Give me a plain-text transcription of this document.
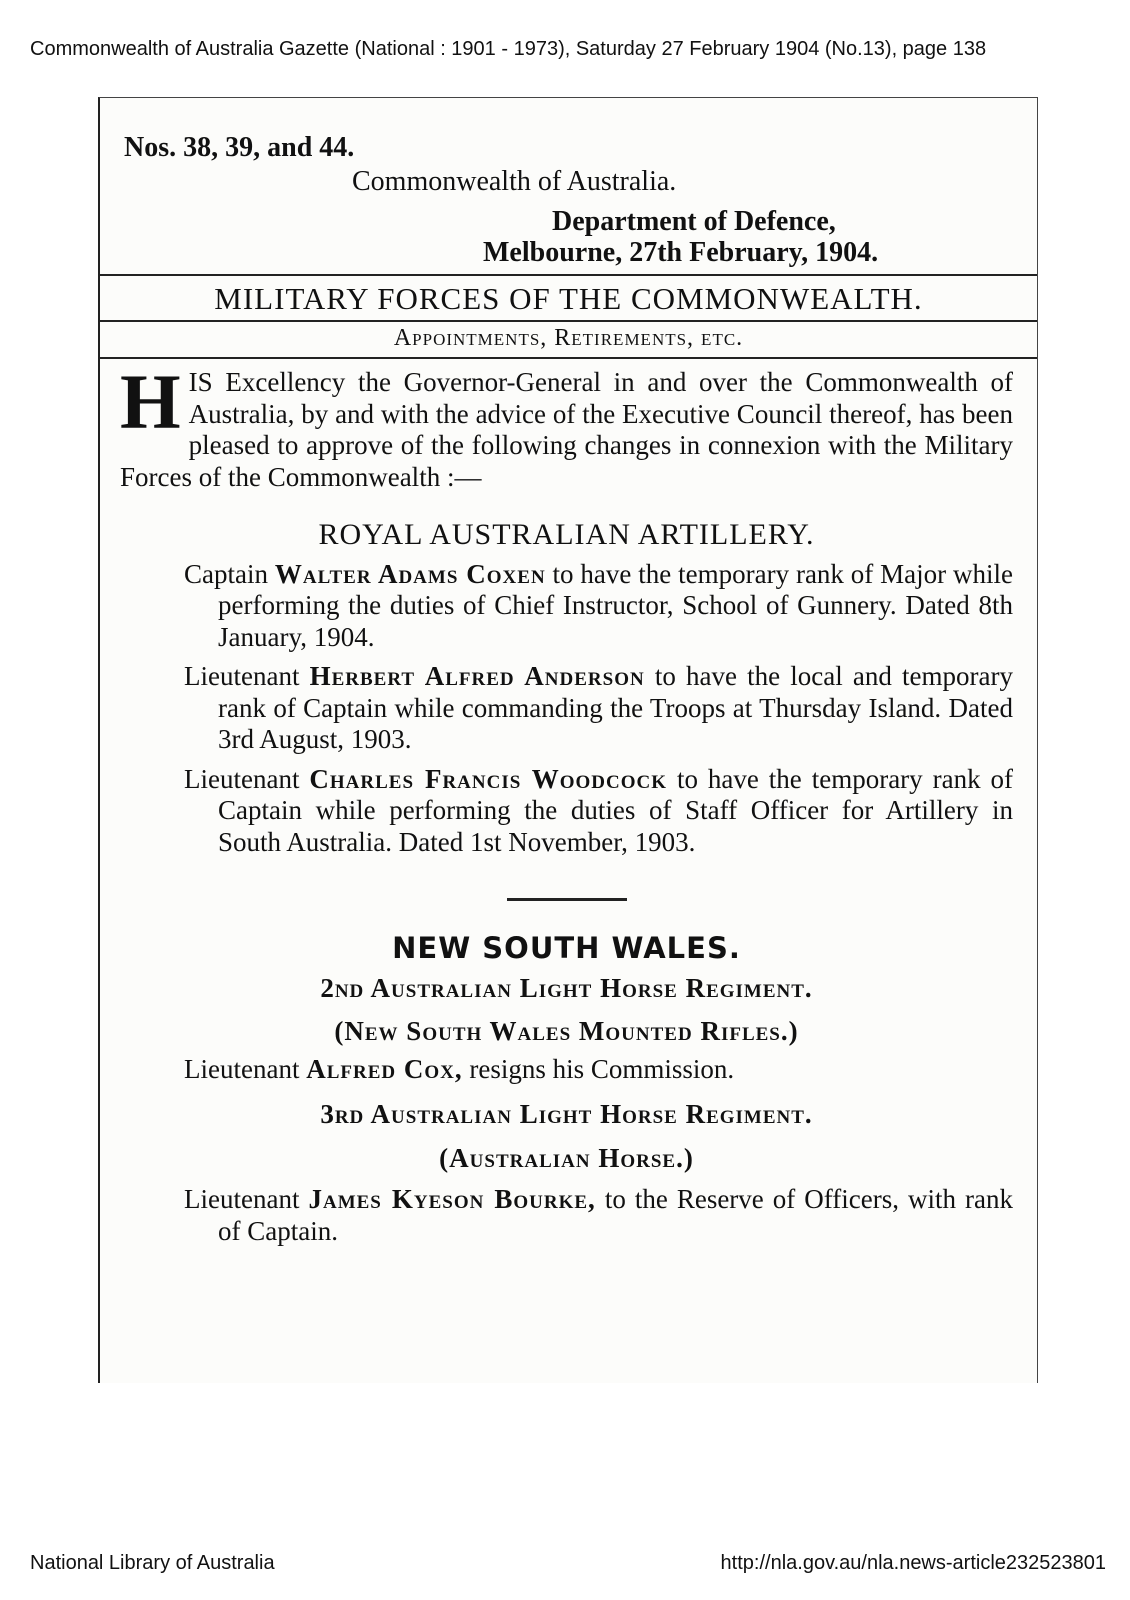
Commonwealth of Australia Gazette (National : 1901 - 1973), Saturday 27 February 1904 (No.13), page 138
Nos. 38, 39, and 44.
Commonwealth of Australia.
Department of Defence,
Melbourne, 27th February, 1904.
MILITARY FORCES OF THE COMMONWEALTH.
Appointments, Retirements, etc.

HIS Excellency the Governor-General in and over the Commonwealth of Australia, by and with the advice of the Executive Council thereof, has been pleased to approve of the following changes in connexion with the Military Forces of the Commonwealth :—

ROYAL AUSTRALIAN ARTILLERY.

Captain Walter Adams Coxen to have the temporary rank of Major while performing the duties of Chief Instructor, School of Gunnery. Dated 8th January, 1904.

Lieutenant Herbert Alfred Anderson to have the local and temporary rank of Captain while commanding the Troops at Thursday Island. Dated 3rd August, 1903.

Lieutenant Charles Francis Woodcock to have the temporary rank of Captain while performing the duties of Staff Officer for Artillery in South Australia. Dated 1st November, 1903.

NEW SOUTH WALES.
2nd Australian Light Horse Regiment.
(New South Wales Mounted Rifles.)

Lieutenant Alfred Cox, resigns his Commission.

3rd Australian Light Horse Regiment.
(Australian Horse.)

Lieutenant James Kyeson Bourke, to the Reserve of Officers, with rank of Captain.

National Library of Australia	http://nla.gov.au/nla.news-article232523801
